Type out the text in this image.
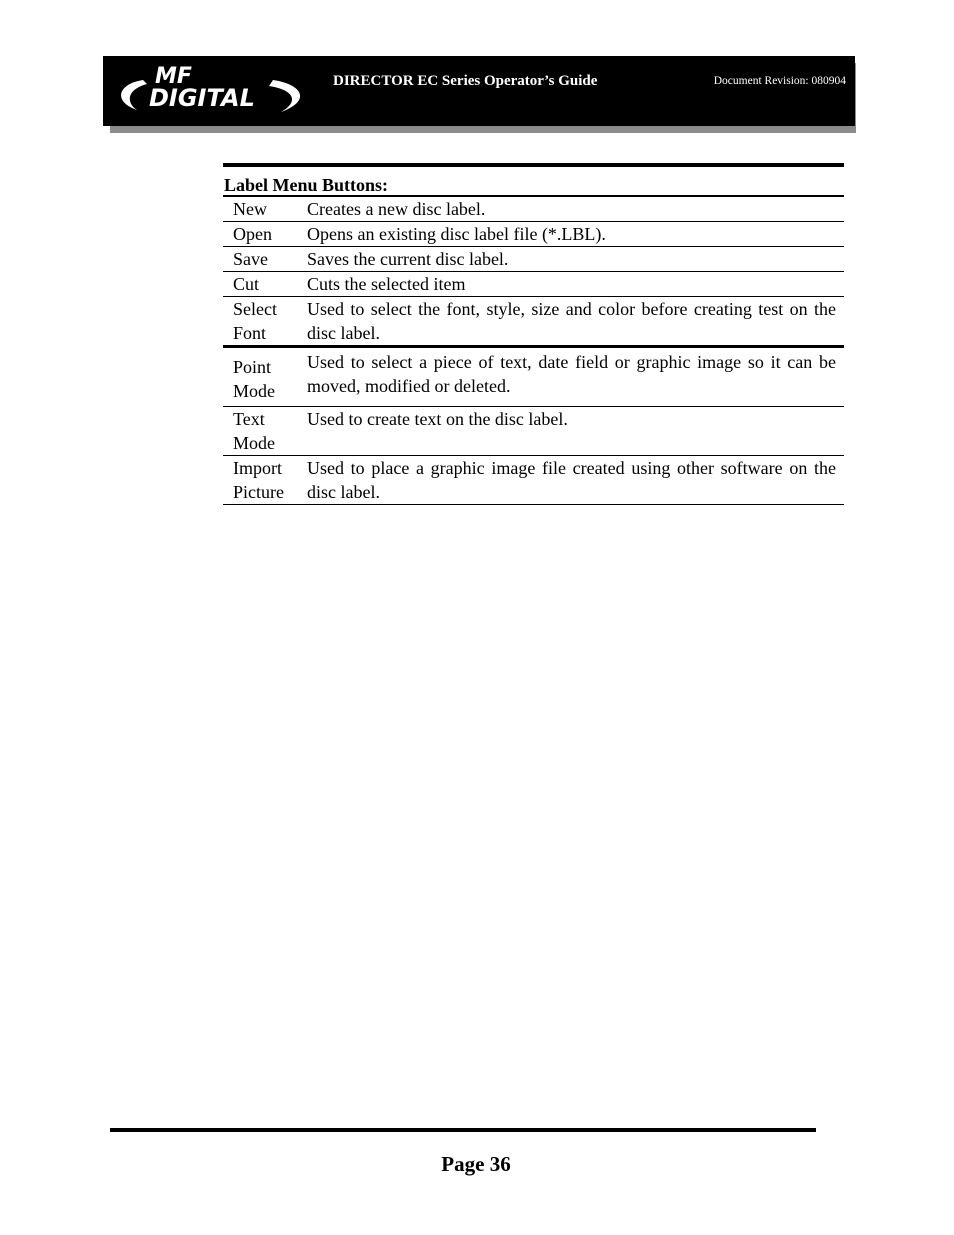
MF
DIGITAL
DIRECTOR EC Series Operator’s Guide	Document Revision: 080904
Label Menu Buttons:
New	Creates a new disc label.
Open	Opens an existing disc label file (*.LBL).
Save	Saves the current disc label.
Cut	Cuts the selected item
Select Font	Used to select the font, style, size and color before creating test on the disc label.
Point Mode	Used to select a piece of text, date field or graphic image so it can be moved, modified or deleted.
Text Mode	Used to create text on the disc label.
Import Picture	Used to place a graphic image file created using other software on the disc label.
Page 36
